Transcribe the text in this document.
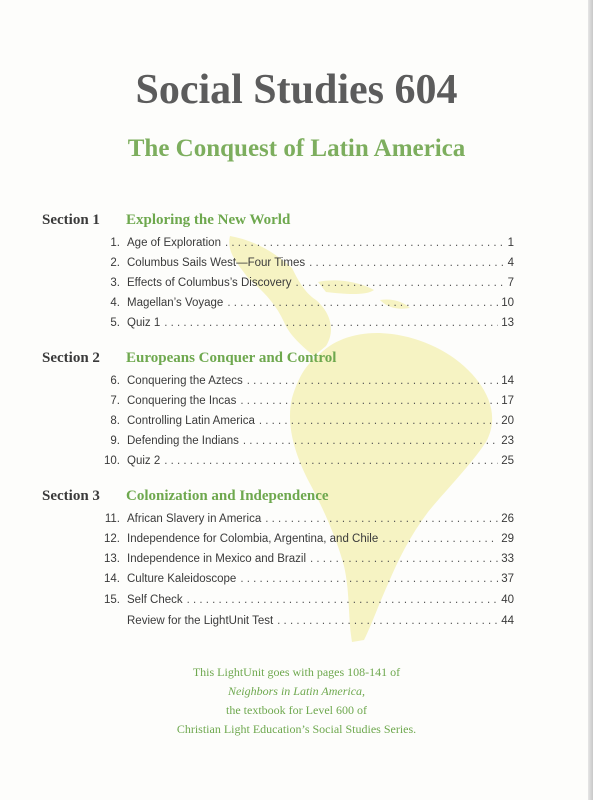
Social Studies 604
The Conquest of Latin America
Section 1 Exploring the New World
1. Age of Exploration . . .	1
2. Columbus Sails West—Four Times . . .	4
3. Effects of Columbus’s Discovery . . .	7
4. Magellan’s Voyage . . .	10
5. Quiz 1 . . .	13
Section 2 Europeans Conquer and Control
6. Conquering the Aztecs . . .	14
7. Conquering the Incas . . .	17
8. Controlling Latin America . . .	20
9. Defending the Indians . . .	23
10. Quiz 2 . . .	25
Section 3 Colonization and Independence
11. African Slavery in America . . .	26
12. Independence for Colombia, Argentina, and Chile . . .	29
13. Independence in Mexico and Brazil . . .	33
14. Culture Kaleidoscope . . .	37
15. Self Check . . .	40
Review for the LightUnit Test . . .	44

This LightUnit goes with pages 108-141 of

Neighbors in Latin America,

the textbook for Level 600 of

Christian Light Education’s Social Studies Series.
